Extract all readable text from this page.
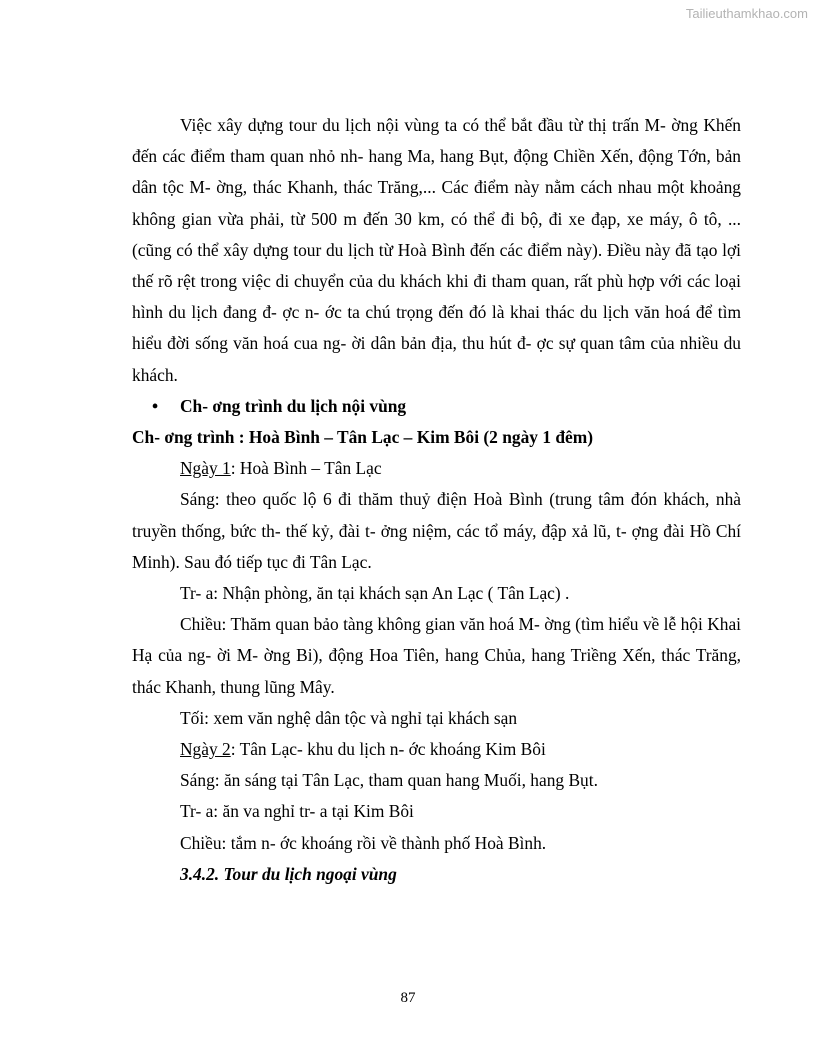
Tailieuthamkhao.com

Việc xây dựng tour du lịch nội vùng ta có thể bắt đầu từ thị trấn M- ờng Khến đến các điểm tham quan nhỏ nh- hang Ma, hang Bụt, động Chiền Xến, động Tớn, bản dân tộc M- ờng, thác Khanh, thác Trăng,... Các điểm này nằm cách nhau một khoảng không gian vừa phải, từ 500 m đến 30 km, có thể đi bộ, đi xe đạp, xe máy, ô tô, ... (cũng có thể xây dựng tour du lịch từ Hoà Bình đến các điểm này). Điều này đã tạo lợi thế rõ rệt trong việc di chuyển của du khách khi đi tham quan, rất phù hợp với các loại hình du lịch đang đ- ợc n- ớc ta chú trọng đến đó là khai thác du lịch văn hoá để tìm hiểu đời sống văn hoá cua ng- ời dân bản địa, thu hút đ- ợc sự quan tâm của nhiều du khách.

• Ch- ơng trình du lịch nội vùng

Ch- ơng trình : Hoà Bình – Tân Lạc – Kim Bôi (2 ngày 1 đêm)

Ngày 1: Hoà Bình – Tân Lạc

Sáng: theo quốc lộ 6 đi thăm thuỷ điện Hoà Bình (trung tâm đón khách, nhà truyền thống, bức th- thế kỷ, đài t- ởng niệm, các tổ máy, đập xả lũ, t- ợng đài Hồ Chí Minh). Sau đó tiếp tục đi Tân Lạc.

Tr- a: Nhận phòng, ăn tại khách sạn An Lạc ( Tân Lạc) .

Chiều: Thăm quan bảo tàng không gian văn hoá M- ờng (tìm hiểu về lễ hội Khai Hạ của ng- ời M- ờng Bi), động Hoa Tiên, hang Chủa, hang Triềng Xến, thác Trăng, thác Khanh, thung lũng Mây.

Tối: xem văn nghệ dân tộc và nghỉ tại khách sạn

Ngày 2: Tân Lạc- khu du lịch n- ớc khoáng Kim Bôi

Sáng: ăn sáng tại Tân Lạc, tham quan hang Muối, hang Bụt.

Tr- a: ăn va nghỉ tr- a tại Kim Bôi

Chiều: tắm n- ớc khoáng rồi về thành phố Hoà Bình.

3.4.2. Tour du lịch ngoại vùng

87
